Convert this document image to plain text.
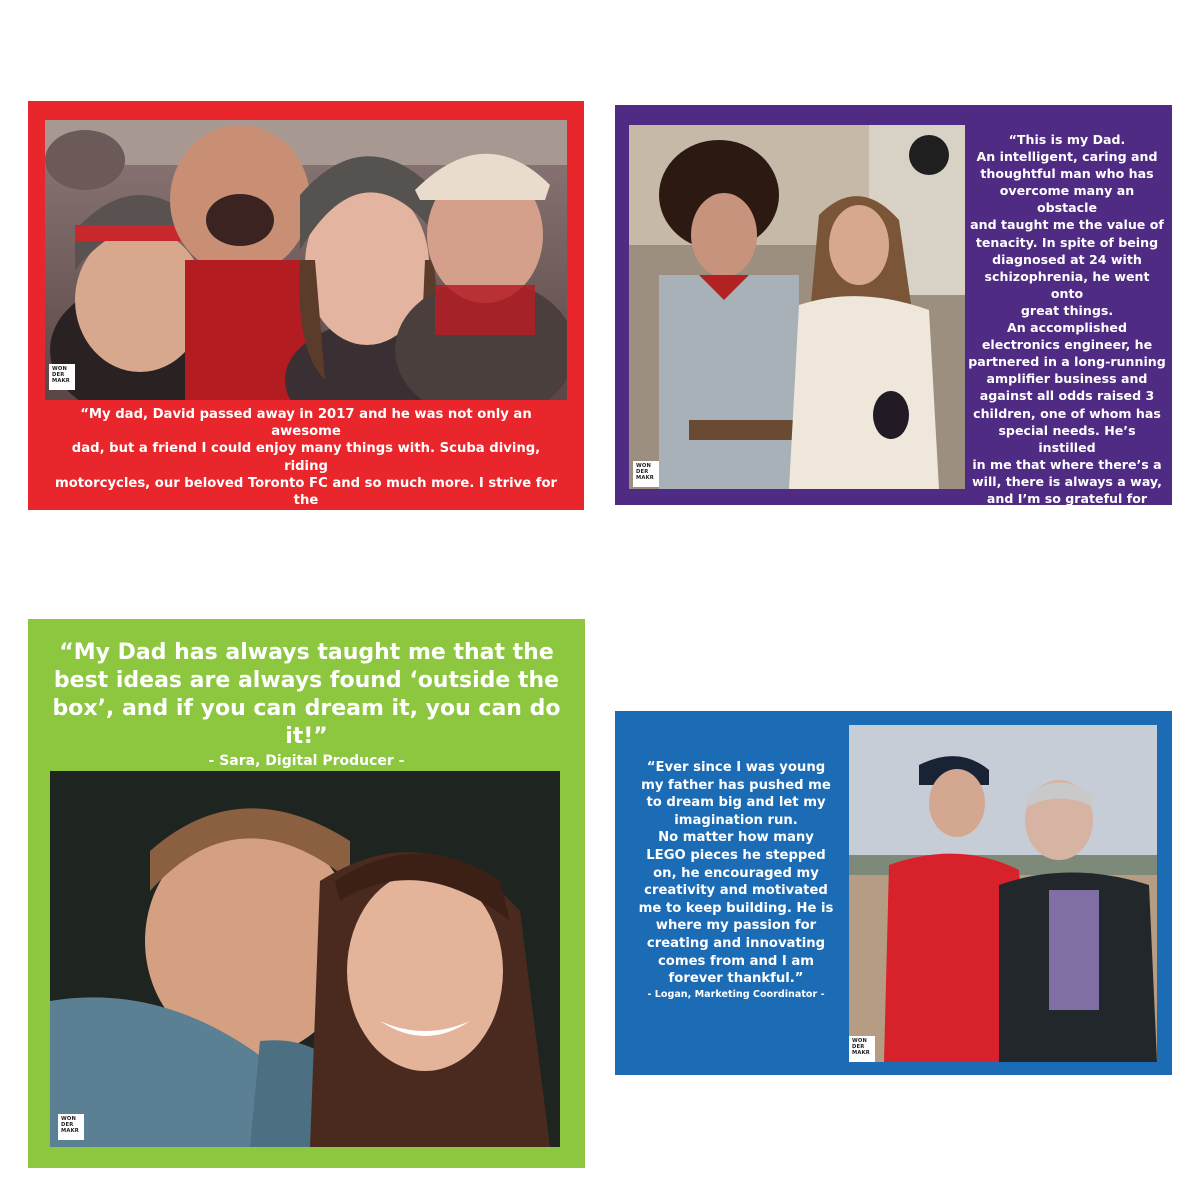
WON
DER
MAKR
“My dad, David passed away in 2017 and he was not only an awesome
dad, but a friend I could enjoy many things with. Scuba diving, riding
motorcycles, our beloved Toronto FC and so much more. I strive for the
same relationship with my amazing kids, Emma and Hayden. Love you all!”
- Mark, President -
WON
DER
MAKR
“This is my Dad.
An intelligent, caring and
thoughtful man who has
overcome many an obstacle
and taught me the value of
tenacity. In spite of being
diagnosed at 24 with
schizophrenia, he went onto
great things.
An accomplished
electronics engineer, he
partnered in a long-running
amplifier business and
against all odds raised 3
children, one of whom has
special needs. He’s instilled
in me that where there’s a
will, there is always a way,
and I’m so grateful for him.”
– Carissa, Vice President –
“My Dad has always taught me that the
best ideas are always found ‘outside the
box’, and if you can dream it, you can do it!”
- Sara, Digital Producer -
WON
DER
MAKR
“Ever since I was young
my father has pushed me
to dream big and let my
imagination run.
No matter how many
LEGO pieces he stepped
on, he encouraged my
creativity and motivated
me to keep building. He is
where my passion for
creating and innovating
comes from and I am
forever thankful.”
- Logan, Marketing Coordinator -
WON
DER
MAKR
